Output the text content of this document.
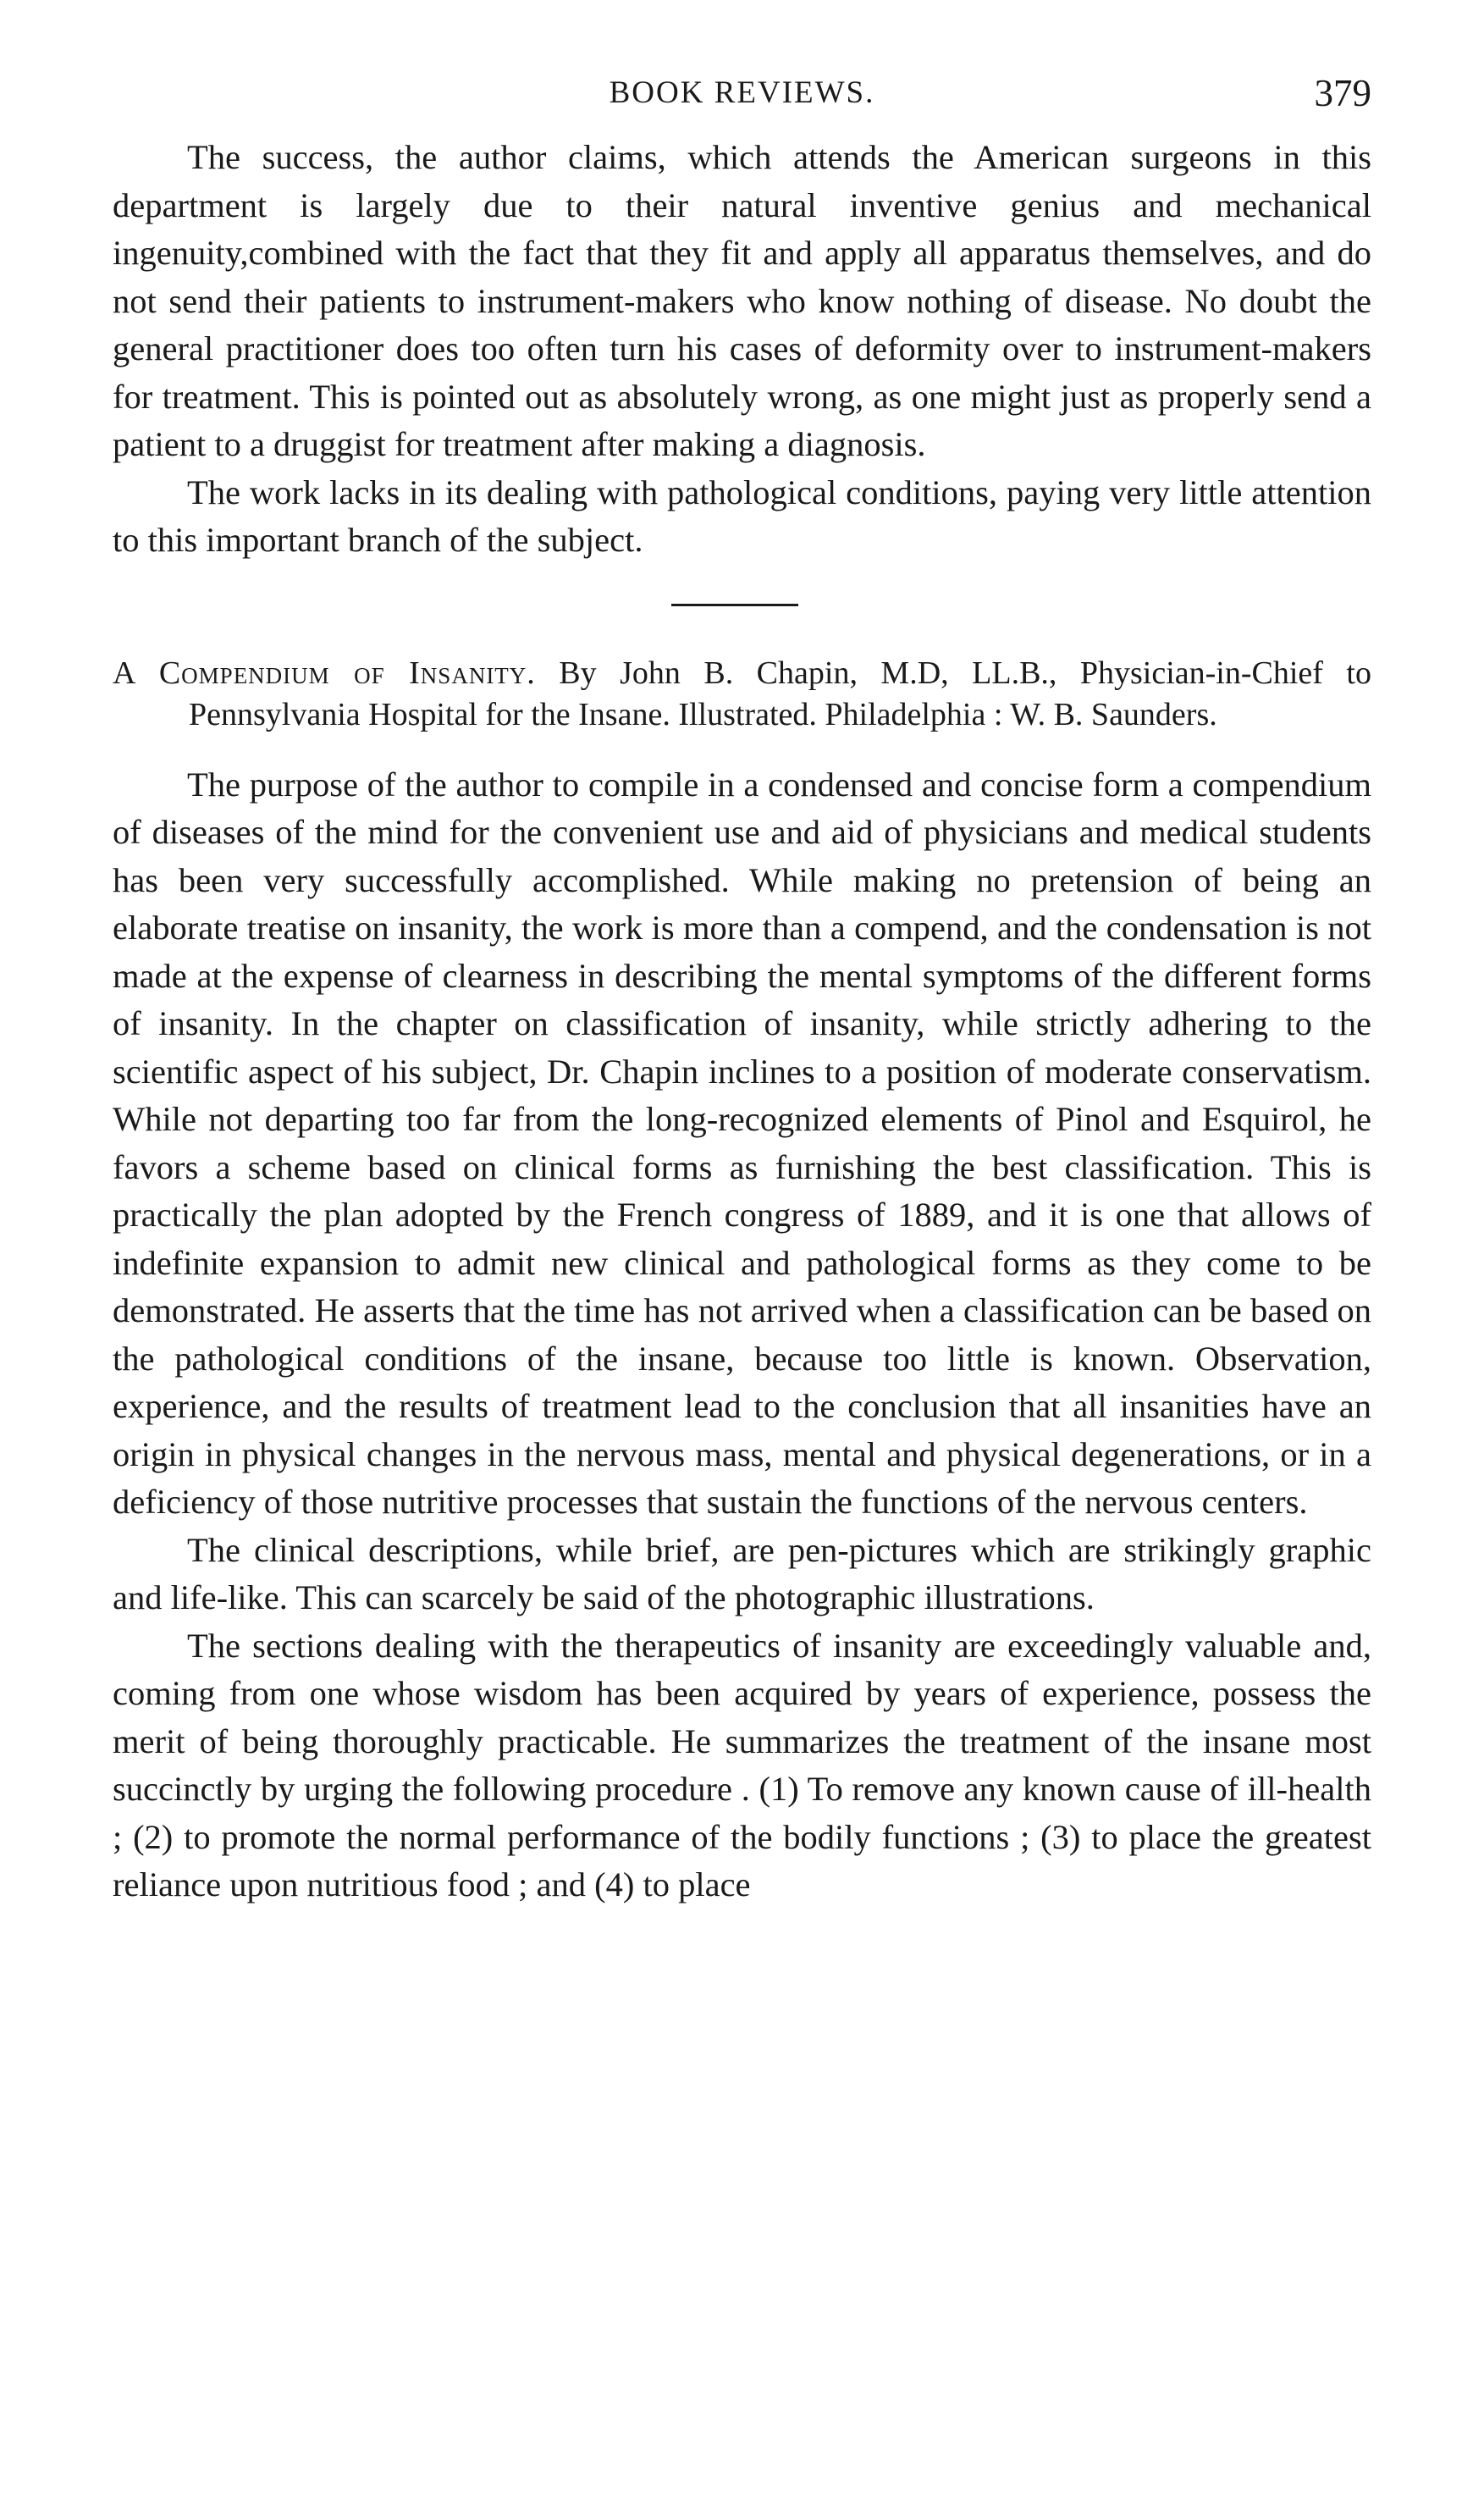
BOOK REVIEWS.	379

The success, the author claims, which attends the American surgeons in this department is largely due to their natural inventive genius and mechanical ingenuity,combined with the fact that they fit and apply all apparatus themselves, and do not send their patients to instrument-makers who know nothing of disease. No doubt the general practitioner does too often turn his cases of deformity over to instrument-makers for treatment. This is pointed out as absolutely wrong, as one might just as properly send a patient to a druggist for treatment after making a diagnosis.

The work lacks in its dealing with pathological conditions, paying very little attention to this important branch of the subject.

A Compendium of Insanity. By John B. Chapin, M.D, LL.B., Physician-in-Chief to Pennsylvania Hospital for the Insane. Illustrated. Philadelphia : W. B. Saunders.

The purpose of the author to compile in a condensed and concise form a compendium of diseases of the mind for the convenient use and aid of physicians and medical students has been very successfully accomplished. While making no pretension of being an elaborate treatise on insanity, the work is more than a compend, and the condensation is not made at the expense of clearness in describing the mental symptoms of the different forms of insanity. In the chapter on classification of insanity, while strictly adhering to the scientific aspect of his subject, Dr. Chapin inclines to a position of moderate conservatism. While not departing too far from the long-recognized elements of Pinol and Esquirol, he favors a scheme based on clinical forms as furnishing the best classification. This is practically the plan adopted by the French congress of 1889, and it is one that allows of indefinite expansion to admit new clinical and pathological forms as they come to be demonstrated. He asserts that the time has not arrived when a classification can be based on the pathological conditions of the insane, because too little is known. Observation, experience, and the results of treatment lead to the conclusion that all insanities have an origin in physical changes in the nervous mass, mental and physical degenerations, or in a deficiency of those nutritive processes that sustain the functions of the nervous centers.

The clinical descriptions, while brief, are pen-pictures which are strikingly graphic and life-like. This can scarcely be said of the photographic illustrations.

The sections dealing with the therapeutics of insanity are exceedingly valuable and, coming from one whose wisdom has been acquired by years of experience, possess the merit of being thoroughly practicable. He summarizes the treatment of the insane most succinctly by urging the following procedure . (1) To remove any known cause of ill-health ; (2) to promote the normal performance of the bodily functions ; (3) to place the greatest reliance upon nutritious food ; and (4) to place
